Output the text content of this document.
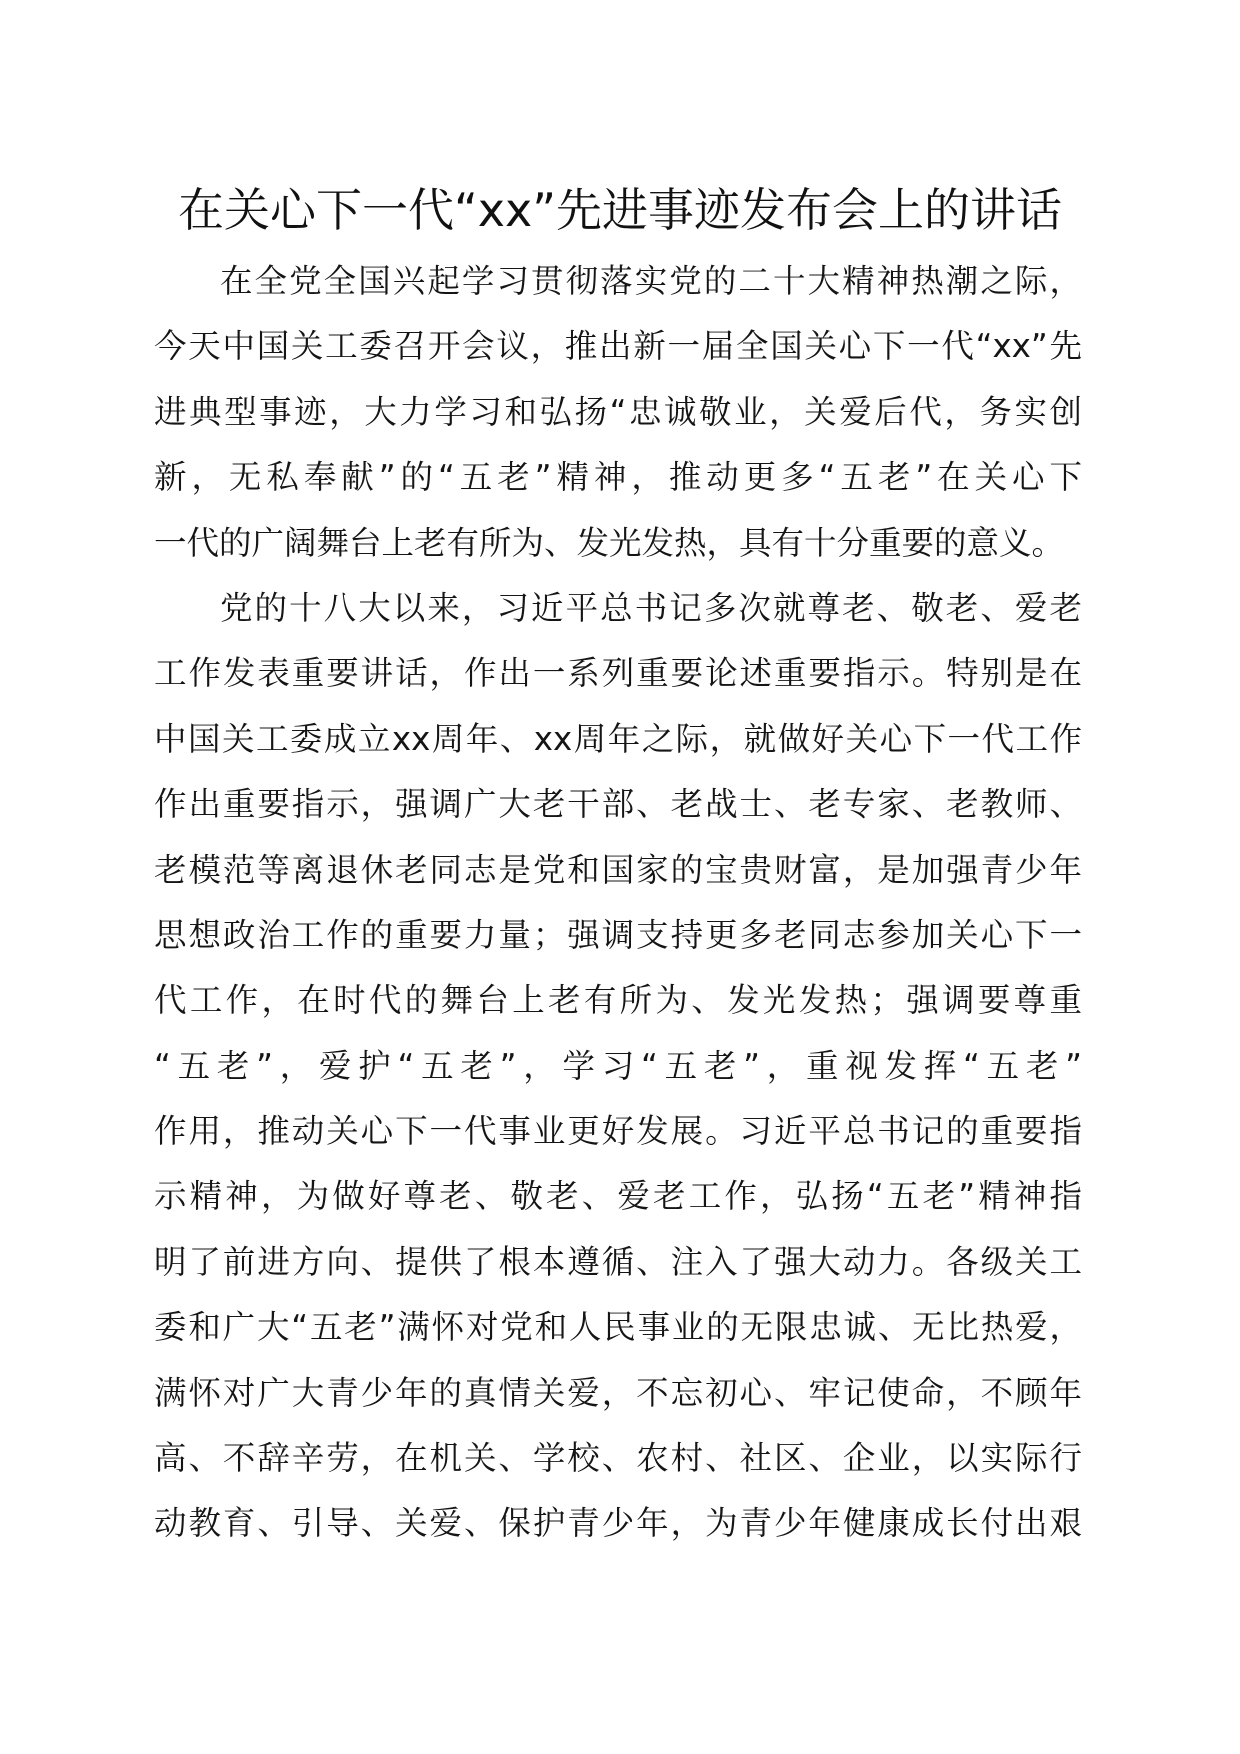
在关心下一代“xx”先进事迹发布会上的讲话
在全党全国兴起学习贯彻落实党的二十大精神热潮之际，
今天中国关工委召开会议，推出新一届全国关心下一代“xx”先
进典型事迹，大力学习和弘扬“忠诚敬业，关爱后代，务实创
新，无私奉献”的“五老”精神，推动更多“五老”在关心下
一代的广阔舞台上老有所为、发光发热，具有十分重要的意义。
党的十八大以来，习近平总书记多次就尊老、敬老、爱老
工作发表重要讲话，作出一系列重要论述重要指示。特别是在
中国关工委成立xx周年、xx周年之际，就做好关心下一代工作
作出重要指示，强调广大老干部、老战士、老专家、老教师、
老模范等离退休老同志是党和国家的宝贵财富，是加强青少年
思想政治工作的重要力量；强调支持更多老同志参加关心下一
代工作，在时代的舞台上老有所为、发光发热；强调要尊重
“五老”，爱护“五老”，学习“五老”，重视发挥“五老”
作用，推动关心下一代事业更好发展。习近平总书记的重要指
示精神，为做好尊老、敬老、爱老工作，弘扬“五老”精神指
明了前进方向、提供了根本遵循、注入了强大动力。各级关工
委和广大“五老”满怀对党和人民事业的无限忠诚、无比热爱，
满怀对广大青少年的真情关爱，不忘初心、牢记使命，不顾年
高、不辞辛劳，在机关、学校、农村、社区、企业，以实际行
动教育、引导、关爱、保护青少年，为青少年健康成长付出艰
